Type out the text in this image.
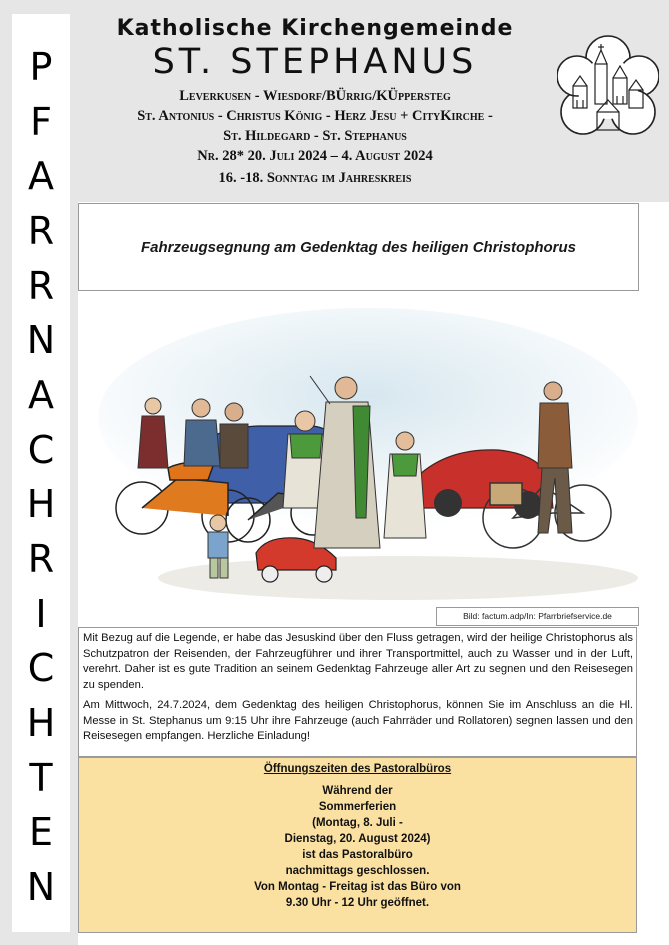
P
F
A
R
R
N
A
C
H
R
I
C
H
T
E
N
Katholische Kirchengemeinde
ST. STEPHANUS
Leverkusen - Wiesdorf/BÜrrig/KÜppersteg
St. Antonius - Christus König - Herz Jesu + CityKirche -
St. Hildegard - St. Stephanus
Nr. 28* 20. Juli 2024 – 4. August 2024
16. -18. Sonntag im Jahreskreis
Fahrzeugsegnung am Gedenktag des heiligen Christophorus
Bild: factum.adp/In: Pfarrbriefservice.de

Mit Bezug auf die Legende, er habe das Jesuskind über den Fluss getragen, wird der heilige Christophorus als Schutzpatron der Reisenden, der Fahrzeugführer und ihrer Transportmittel, auch zu Wasser und in der Luft, verehrt. Daher ist es gute Tradition an seinem Gedenktag Fahrzeuge aller Art zu segnen und den Reisesegen zu spenden.

Am Mittwoch, 24.7.2024, dem Gedenktag des heiligen Christophorus, können Sie im Anschluss an die Hl. Messe in St. Stephanus um 9:15 Uhr ihre Fahrzeuge (auch Fahrräder und Rollatoren) segnen lassen und den Reisesegen empfangen. Herzliche Einladung!

Öffnungszeiten des Pastoralbüros
Während der
Sommerferien
(Montag, 8. Juli -
Dienstag, 20. August 2024)
ist das Pastoralbüro
nachmittags geschlossen.
Von Montag - Freitag ist das Büro von
9.30 Uhr - 12 Uhr geöffnet.
